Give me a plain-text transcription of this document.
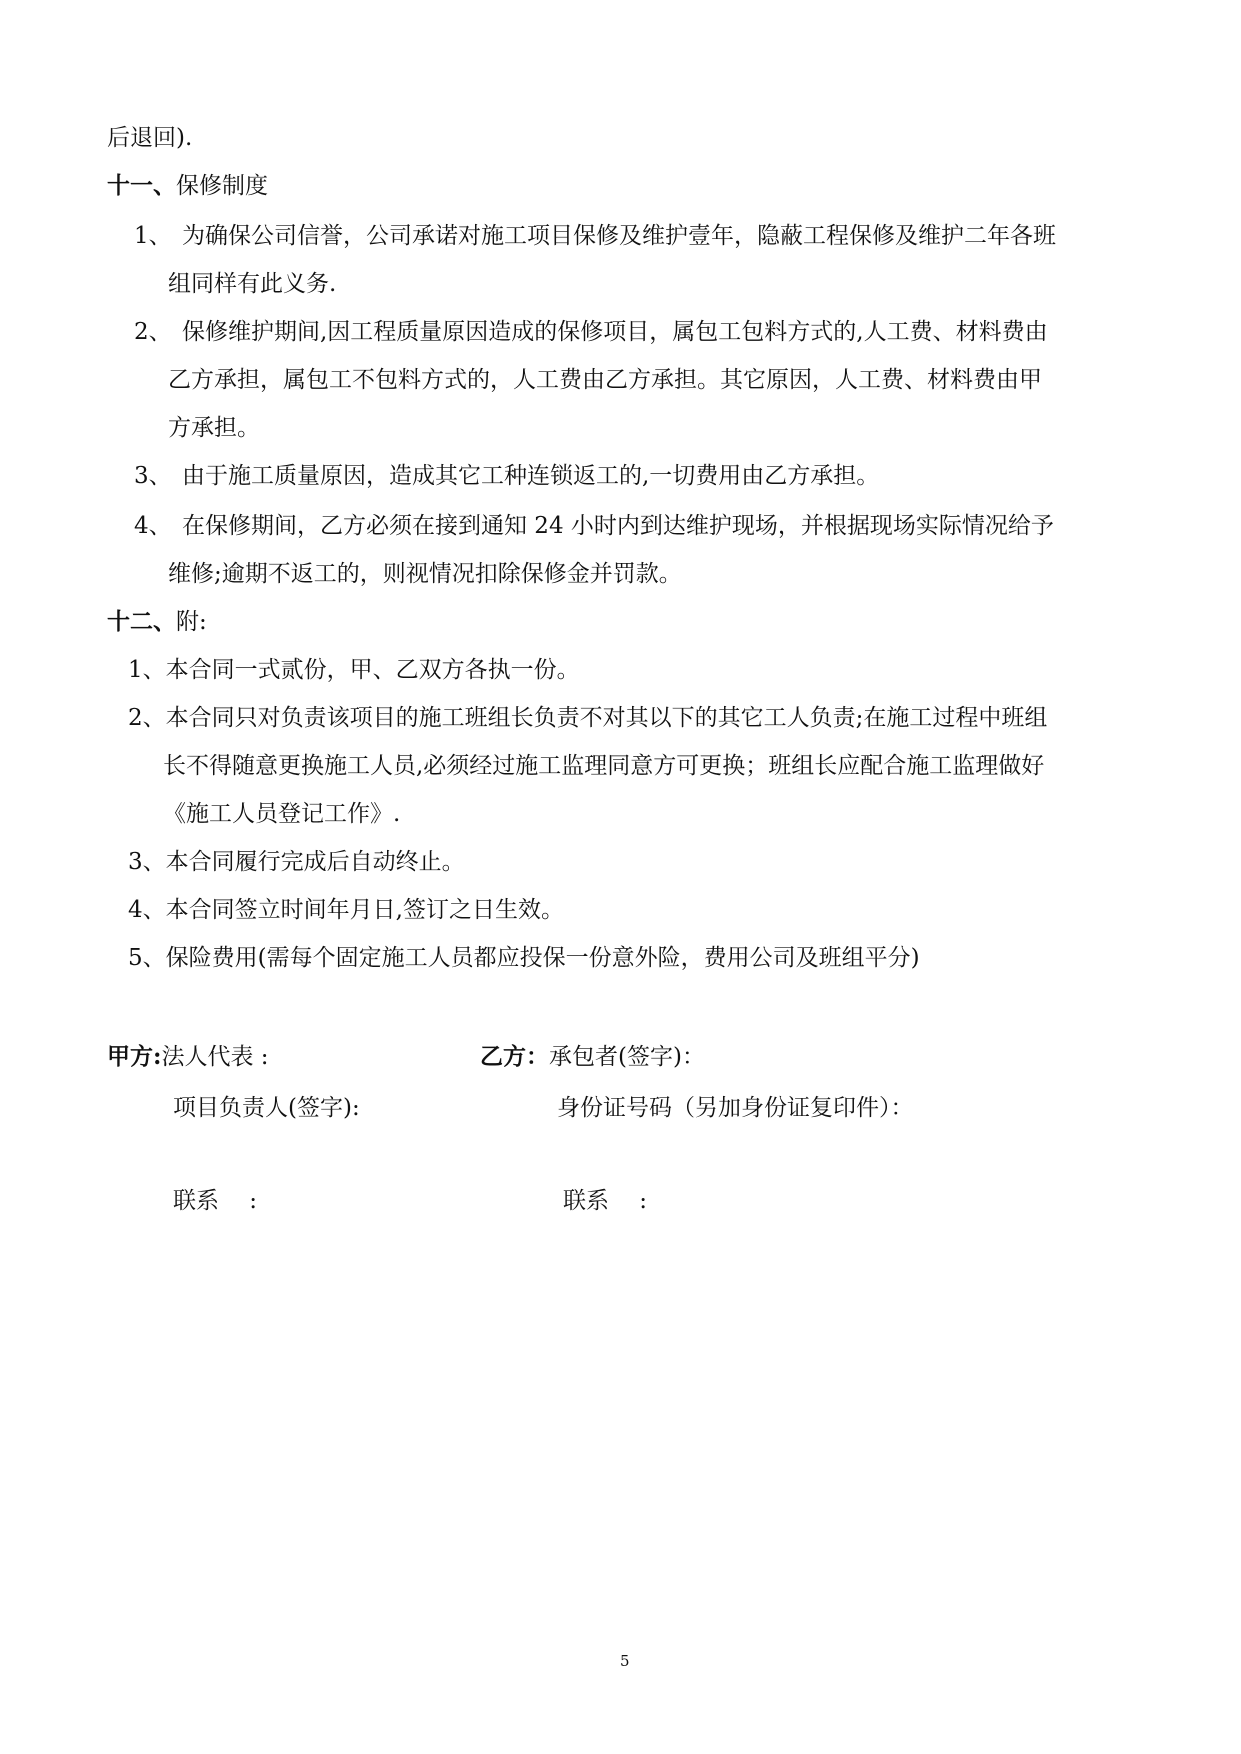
后退回).
十一、保修制度
1、 为确保公司信誉，公司承诺对施工项目保修及维护壹年，隐蔽工程保修及维护二年各班
组同样有此义务.
2、 保修维护期间,因工程质量原因造成的保修项目，属包工包料方式的,人工费、材料费由
乙方承担，属包工不包料方式的，人工费由乙方承担。其它原因，人工费、材料费由甲
方承担。
3、 由于施工质量原因，造成其它工种连锁返工的,一切费用由乙方承担。
4、 在保修期间，乙方必须在接到通知 24 小时内到达维护现场，并根据现场实际情况给予
维修;逾期不返工的，则视情况扣除保修金并罚款。
十二、附:
1、本合同一式贰份，甲、乙双方各执一份。
2、本合同只对负责该项目的施工班组长负责不对其以下的其它工人负责;在施工过程中班组
长不得随意更换施工人员,必须经过施工监理同意方可更换；班组长应配合施工监理做好
《施工人员登记工作》.
3、本合同履行完成后自动终止。
4、本合同签立时间年月日,签订之日生效。
5、保险费用(需每个固定施工人员都应投保一份意外险，费用公司及班组平分)
甲方:法人代表 :	乙方：承包者(签字)：
项目负责人(签字):	身份证号码（另加身份证复印件）：
联系　 :	联系　 :
5
